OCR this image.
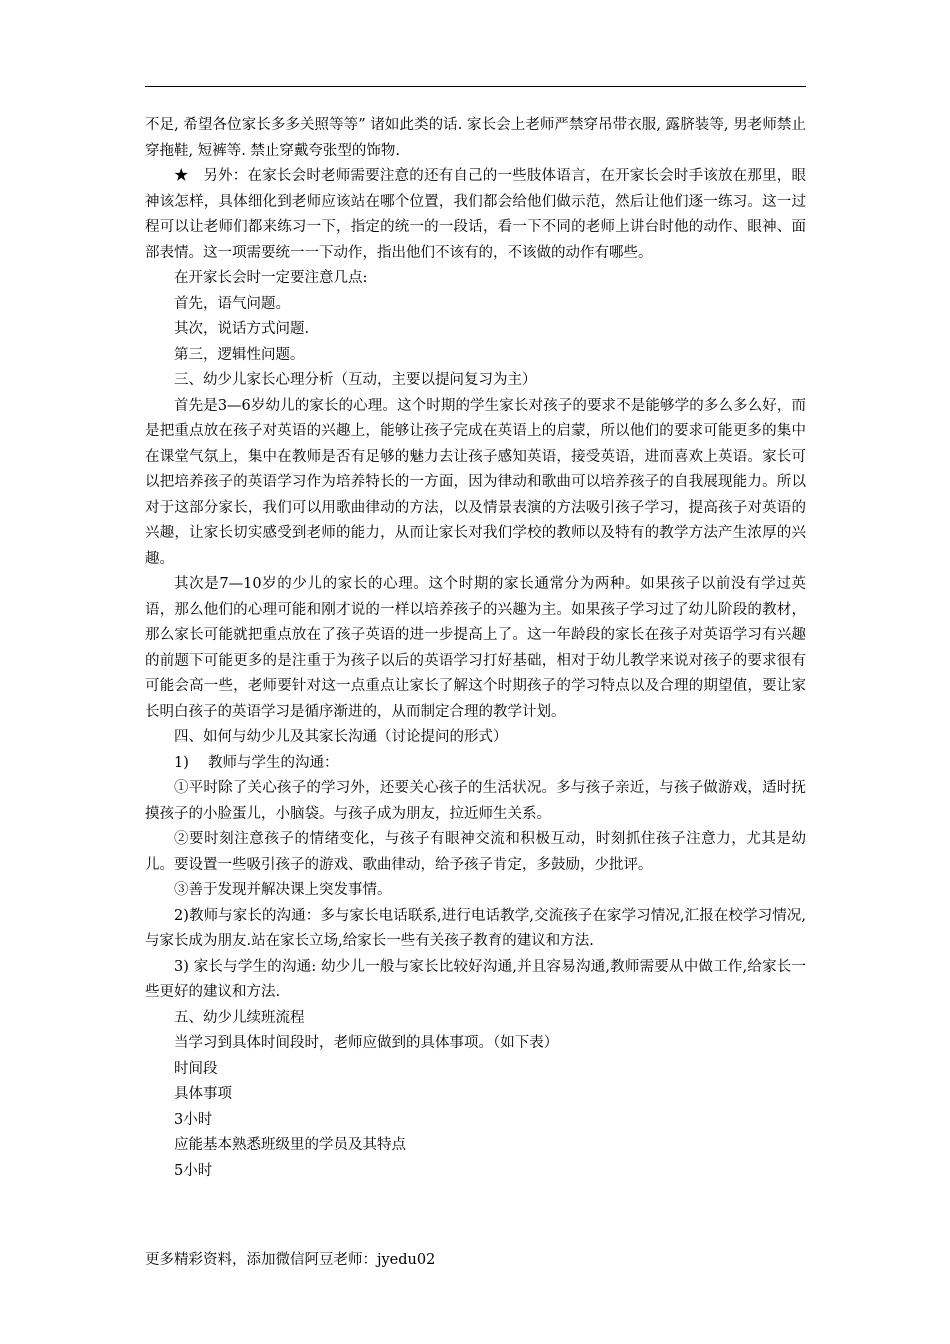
不足, 希望各位家长多多关照等等” 诸如此类的话. 家长会上老师严禁穿吊带衣服, 露脐装等, 男老师禁止穿拖鞋, 短裤等. 禁止穿戴夸张型的饰物.

★　另外：在家长会时老师需要注意的还有自己的一些肢体语言，在开家长会时手该放在那里，眼神该怎样，具体细化到老师应该站在哪个位置，我们都会给他们做示范，然后让他们逐一练习。这一过程可以让老师们都来练习一下，指定的统一的一段话，看一下不同的老师上讲台时他的动作、眼神、面部表情。这一项需要统一一下动作，指出他们不该有的，不该做的动作有哪些。

在开家长会时一定要注意几点:

首先，语气问题。

其次，说话方式问题.

第三，逻辑性问题。

三、幼少儿家长心理分析（互动，主要以提问复习为主）

首先是3—6岁幼儿的家长的心理。这个时期的学生家长对孩子的要求不是能够学的多么多么好，而是把重点放在孩子对英语的兴趣上，能够让孩子完成在英语上的启蒙，所以他们的要求可能更多的集中在课堂气氛上，集中在教师是否有足够的魅力去让孩子感知英语，接受英语，进而喜欢上英语。家长可以把培养孩子的英语学习作为培养特长的一方面，因为律动和歌曲可以培养孩子的自我展现能力。所以对于这部分家长，我们可以用歌曲律动的方法，以及情景表演的方法吸引孩子学习，提高孩子对英语的兴趣，让家长切实感受到老师的能力，从而让家长对我们学校的教师以及特有的教学方法产生浓厚的兴趣。

其次是7—10岁的少儿的家长的心理。这个时期的家长通常分为两种。如果孩子以前没有学过英语，那么他们的心理可能和刚才说的一样以培养孩子的兴趣为主。如果孩子学习过了幼儿阶段的教材，那么家长可能就把重点放在了孩子英语的进一步提高上了。这一年龄段的家长在孩子对英语学习有兴趣的前题下可能更多的是注重于为孩子以后的英语学习打好基础，相对于幼儿教学来说对孩子的要求很有可能会高一些，老师要针对这一点重点让家长了解这个时期孩子的学习特点以及合理的期望值，要让家长明白孩子的英语学习是循序渐进的，从而制定合理的教学计划。

四、如何与幼少儿及其家长沟通（讨论提问的形式）

1)　 教师与学生的沟通：

①平时除了关心孩子的学习外，还要关心孩子的生活状况。多与孩子亲近，与孩子做游戏，适时抚摸孩子的小脸蛋儿，小脑袋。与孩子成为朋友，拉近师生关系。

②要时刻注意孩子的情绪变化，与孩子有眼神交流和积极互动，时刻抓住孩子注意力，尤其是幼儿。要设置一些吸引孩子的游戏、歌曲律动，给予孩子肯定，多鼓励，少批评。

③善于发现并解决课上突发事情。

2)教师与家长的沟通：多与家长电话联系,进行电话教学,交流孩子在家学习情况,汇报在校学习情况,与家长成为朋友.站在家长立场,给家长一些有关孩子教育的建议和方法.

3) 家长与学生的沟通: 幼少儿一般与家长比较好沟通,并且容易沟通,教师需要从中做工作,给家长一些更好的建议和方法.

五、幼少儿续班流程

当学习到具体时间段时，老师应做到的具体事项。（如下表）

时间段

具体事项

3小时

应能基本熟悉班级里的学员及其特点

5小时

更多精彩资料，添加微信阿豆老师：jyedu02
